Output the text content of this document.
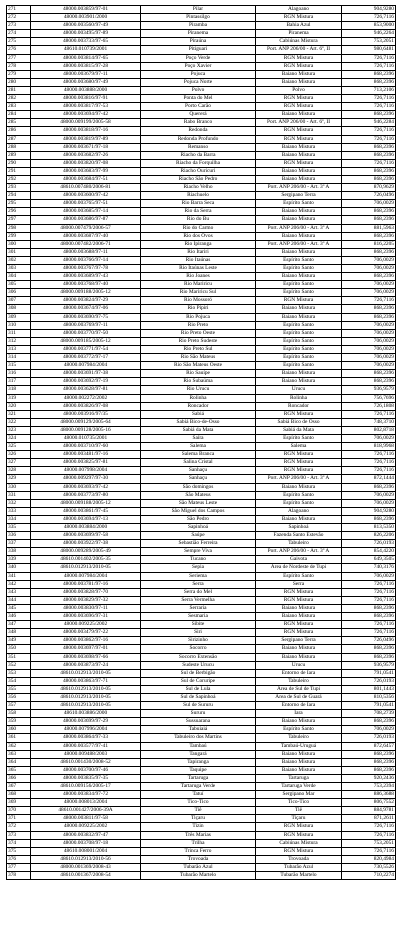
271	48000.003859/97-01	Pilar	Alagoano	904,9280
272	48000.003901/2000	Pintassilgo	RGN Mistura	726,7116
273	48000.003560/97-49	Piramba	Bahia Azul	853,9000
274	48000.003495/97-89	Piranema	Piranema	946,2264
275	48000.003733/97-65	Piraúna	Cabiúnas Mistura	753,2051
276	48610.010739/2001	Pitiguari	Port. ANP 206/00 - Art. 6º, II	980,6481
277	48000.003814/97-65	Poço Verde	RGN Mistura	726,7116
278	48000.003815/97-28	Poço Xavier	RGN Mistura	726,7116
279	48000.003679/97-11	Pojuca	Baiano Mistura	868,2396
280	48000.003680/97-49	Pojuca Norte	Baiano Mistura	868,2396
281	48000.003888/2000	Polvo	Polvo	713,2106
282	48000.003816/97-91	Ponta do Mel	RGN Mistura	726,7116
283	48000.003817/97-53	Porto Carão	RGN Mistura	726,7116
284	48000.003694/97-42	Quererá	Baiano Mistura	868,2396
285	48000.009199/2005-58	Rabo Branco	Port. ANP 206/00 - Art. 6º, II	946,2284
286	48000.003818/97-16	Redonda	RGN Mistura	726,7116
287	48000.003819/97-89	Redonda Profundo	RGN Mistura	726,7116
288	48000.003671/97-18	Remanso	Baiano Mistura	868,2396
289	48000.003682/97-26	Riacho da Barra	Baiano Mistura	868,2396
290	48000.003820/97-08	Riacho da Forquilha	RGN Mistura	726,7116
291	48000.003683/97-99	Riacho Ouricuri	Baiano Mistura	868,2396
292	48000.003684/97-51	Riacho São Pedro	Baiano Mistura	868,2396
293	48610.007480/2006-81	Riacho Velho	Port. ANP 206/00 - Art. 3º A	870,9629
294	48000.003600/97-42	Riachuelo	Sergipano Terra	726,0496
295	48000.003765/97-51	Rio Barra Seca	Espírito Santo	706,0029
296	48000.003685/97-14	Rio da Serra	Baiano Mistura	868,2396
297	48000.003686/97-87	Rio do Bu	Baiano Mistura	868,2396
298	48000.007479/2006-57	Rio do Carmo	Port. ANP 206/00 - Art. 3º A	881,5963
299	48000.003687/97-40	Rio dos Ovos	Baiano Mistura	868,2396
300	48000.007482/2006-71	Rio Ipiranga	Port. ANP 206/00 - Art. 3º A	816,2205
301	48000.003688/97-11	Rio Itariri	Baiano Mistura	868,2396
302	48000.003766/97-14	Rio Itaúnas	Espírito Santo	706,0029
303	48000.003767/97-78	Rio Itaúnas Leste	Espírito Santo	706,0029
304	48000.003689/97-43	Rio Joanes	Baiano Mistura	868,2396
305	48000.003768/97-40	Rio Mariricu	Espírito Santo	706,0029
306	48000.009188/2005-12	Rio Mariricu Sul	Espírito Santo	706,0029
307	48000.003824/97-29	Rio Mossoró	RGN Mistura	726,7116
308	48000.003674/97-06	Rio Pipiri	Baiano Mistura	868,2396
309	48000.003690/97-75	Rio Pojuca	Baiano Mistura	868,2396
310	48000.003769/97-11	Rio Preto	Espírito Santo	706,0029
311	48000.003770/97-50	Rio Preto Oeste	Espírito Santo	706,0029
312	48000.009185/2005-12	Rio Preto Sudeste	Espírito Santo	706,0029
313	48000.003771/97-54	Rio Preto Sul	Espírito Santo	706,0029
314	48000.003772/97-17	Rio São Mateus	Espírito Santo	706,0029
315	48000.007984/2004	Rio São Mateus Oeste	Espírito Santo	706,0029
316	48000.003691/97-38	Rio Sauípe	Baiano Mistura	868,2396
317	48000.003692/97-19	Rio Subaúma	Baiano Mistura	868,2396
318	48000.003628/97-81	Rio Urucu	Urucu	936,9579
319	48000.002272/2002	Rolinha	Rolinha	756,7696
320	48000.003826/97-08	Roncador	Roncador	726,1808
321	48000.003916/97/35	Sabiá	RGN Mistura	726,7116
322	48000.009129/2005-64	Sabiá Bico-de-Osso	Sabiá Bico de Osso	748,3710
323	48000.009128/2005-16	Sabiá da Mata	Sabiá da Mata	802,8718
324	48000.010735/2001	Saíra	Espírito Santo	706,0029
325	48000.003710/97-60	Salema	Salema	818,9968
326	48000.003481/97-16	Salema Branca	RGN Mistura	726,7116
327	48000.003825/97-81	Salina Cristal	RGN Mistura	726,7116
328	48000.007998/2004	Sanhaçu	RGN Mistura	726,7116
329	48000.009297/97-30	Sanhaçu	Port. ANP 206/00 - Art. 3º A	872,1444
330	48000.003693/97-42	São domingos	Baiano Mistura	868,2396
331	48000.003773/97-80	São Mateus	Espírito Santo	706,0029
332	48000.009188/2005-12	São Mateus Leste	Espírito Santo	706,0029
333	48000.003861/97-45	São Miguel dos Campos	Alagoano	904,9280
334	48000.003694/97-13	São Pedro	Baiano Mistura	868,2396
335	48000.003884/2000	Sapinhoá	Sapinhoá	813,5350
336	48000.003699/97-58	Saúpe	Fazenda Santo Estevão	826,2206
337	48000.003922/97-38	Sebastião Ferreira	Tabuleiro	726,0193
338	48000.009289/2005-49	Sempre Viva	Port. ANP 206/00 - Art. 3º A	854,4220
339	48610.001402/2005-35	Tucano	Gaivota	649,3505
340	48610.012913/2010-05	Sepia	Área de Nordeste de Tupi	740,3176
341	48000.007984/2004	Seriema	Espírito Santo	706,0029
342	48000.003781/97-16	Serra	Serra	726,7116
343	48000.003828/97-70	Serra do Mel	RGN Mistura	726,7116
344	48000.003829/97-32	Serra Vermelha	RGN Mistura	726,7116
345	48000.003830/97-11	Serraria	Baiano Mistura	868,2396
346	48000.003696/97-31	Sesmaria	Baiano Mistura	868,2396
347	48000.009225/2002	Sibite	RGN Mistura	726,7116
348	48000.003479/97-22	Siri	RGN Mistura	726,7116
349	48000.003862/97-16	Sirizinho	Sergipano Terra	726,0496
350	48000.003697/97-01	Socorro	Baiano Mistura	868,2396
351	48000.003698/97-66	Socorro Extensão	Baiano Mistura	868,2396
352	48000.003873/97-24	Sudeste Urucu	Urucu	936,9579
353	48610.012913/2010-05	Sul de Berbigão	Entorno de Iara	791,0541
354	48000.003863/97-71	Sul de Coruripe	Tabuleiro	726,0193
355	48610.012913/2010-05	Sul de Lula	Área de Sul de Tupi	801,1443
356	48610.012913/2010-05	Sul de Sapinhoá	Área de Sul de Guará	810,5356
357	48610.012913/2010-05	Sul de Sururu	Entorno de Iara	791,0541
358	48610.003886/2000	Sururu	Iara	708,2739
359	48000.003699/97-29	Sussuarana	Baiano Mistura	868,2396
360	48000.007996/2004	Tabuiaiá	Espírito Santo	706,0029
361	48000.003864/97-33	Tabuleiro dos Martins	Tabuleiro	726,0193
362	48000.003577/97-41	Tambaú	Tambaú-Uruguá	872,6457
363	48000.009488/2003	Tangará	Baiano Mistura	868,2396
364	48610.001430/2008-52	Tapiranga	Baiano Mistura	868,2396
365	48000.003700/97-46	Taquipe	Baiano Mistura	868,2396
366	48000.003835/97-35	Tartaruga	Tartaruga	920,2436
367	48610.009156/2005-17	Tartaruga Verde	Tartaruga Verde	753,2394
368	48000.003834/97-72	Tatuí	Sergipano Mar	886,3688
369	48000.008013/2004	Tico-Tico	Tico-Tico	806,7552
370	48610.001427/2006-39A	Tiê	Tiê	884,9781
371	48000.003811/97-58	Tiçaru	Tiçaru	871,2611
372	48000.009225/2002	Tizin	RGN Mistura	726,7116
373	48000.003832/97-47	Três Marias	RGN Mistura	726,7116
374	48000.003708/97-18	Trilha	Cabiúnas Mistura	753,2051
375	48610.008001/2004	Trinca Ferro	RGN Mistura	726,7116
376	48610.012913/2010-56	Trovoada	Trovoada	820,4984
377	48000.001369/2008-43	Tubarão Azul	Tubarão Azul	730,5526
378	48610.001367/2008-54	Tubarão Martelo	Tubarão Martelo	710,2274
